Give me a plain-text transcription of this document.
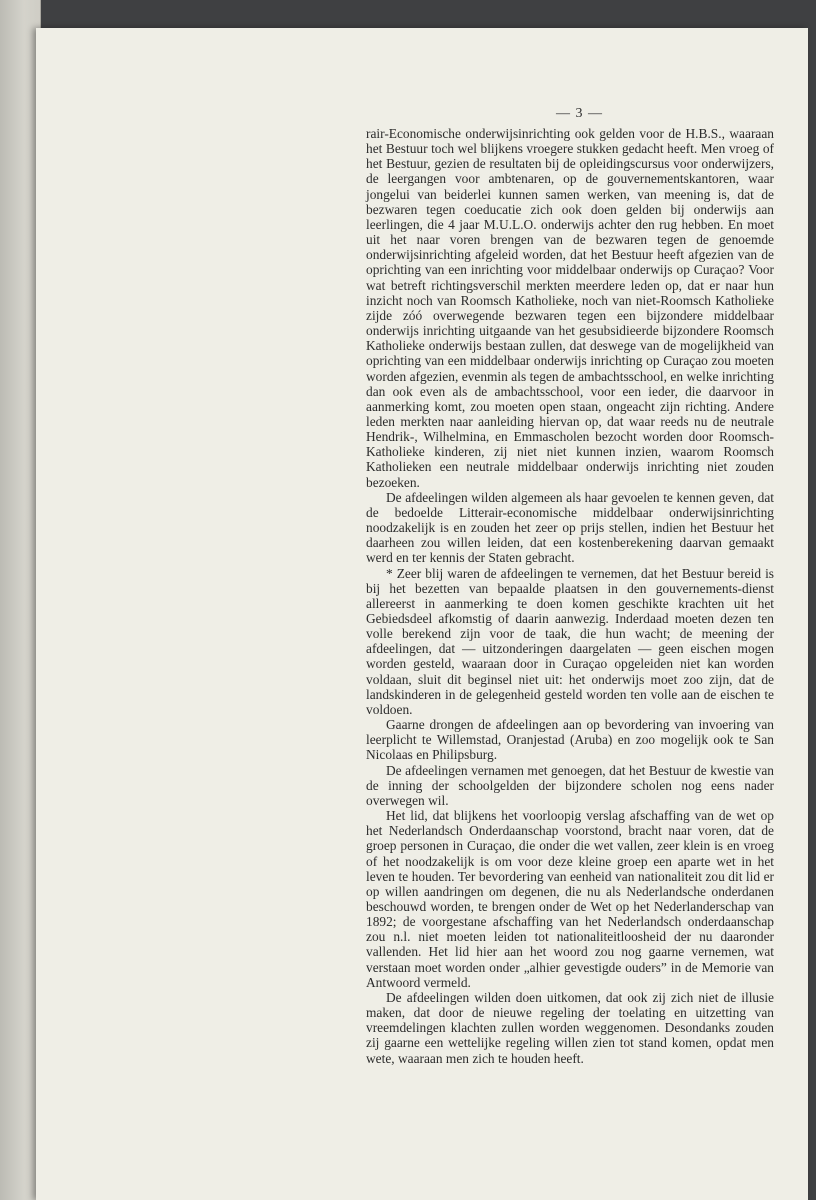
— 3 —

rair-Economische onderwijsinrichting ook gelden voor de H.B.S., waaraan het Bestuur toch wel blijkens vroegere stukken gedacht heeft. Men vroeg of het Bestuur, gezien de resultaten bij de opleidingscursus voor onderwijzers, de leergangen voor ambtenaren, op de gouvernementskantoren, waar jongelui van beiderlei kunnen samen werken, van meening is, dat de bezwaren tegen coeducatie zich ook doen gelden bij onderwijs aan leerlingen, die 4 jaar M.U.L.O. onderwijs achter den rug hebben. En moet uit het naar voren brengen van de bezwaren tegen de genoemde onderwijsinrichting afgeleid worden, dat het Bestuur heeft afgezien van de oprichting van een inrichting voor middelbaar onderwijs op Curaçao? Voor wat betreft richtingsverschil merkten meerdere leden op, dat er naar hun inzicht noch van Roomsch Katholieke, noch van niet-Roomsch Katholieke zijde zóó overwegende bezwaren tegen een bijzondere middelbaar onderwijs inrichting uitgaande van het gesubsidieerde bijzondere Roomsch Katholieke onderwijs bestaan zullen, dat deswege van de mogelijkheid van oprichting van een middelbaar onderwijs inrichting op Curaçao zou moeten worden afgezien, evenmin als tegen de ambachtsschool, en welke inrichting dan ook even als de ambachtsschool, voor een ieder, die daarvoor in aanmerking komt, zou moeten open staan, ongeacht zijn richting. Andere leden merkten naar aanleiding hiervan op, dat waar reeds nu de neutrale Hendrik-, Wilhelmina, en Emmascholen bezocht worden door Roomsch-Katholieke kinderen, zij niet niet kunnen inzien, waarom Roomsch Katholieken een neutrale middelbaar onderwijs inrichting niet zouden bezoeken.

De afdeelingen wilden algemeen als haar gevoelen te kennen geven, dat de bedoelde Litterair-economische middelbaar onderwijsinrichting noodzakelijk is en zouden het zeer op prijs stellen, indien het Bestuur het daarheen zou willen leiden, dat een kostenberekening daarvan gemaakt werd en ter kennis der Staten gebracht.

* Zeer blij waren de afdeelingen te vernemen, dat het Bestuur bereid is bij het bezetten van bepaalde plaatsen in den gouvernements-dienst allereerst in aanmerking te doen komen geschikte krachten uit het Gebiedsdeel afkomstig of daarin aanwezig. Inderdaad moeten dezen ten volle berekend zijn voor de taak, die hun wacht; de meening der afdeelingen, dat — uitzonderingen daargelaten — geen eischen mogen worden gesteld, waaraan door in Curaçao opgeleiden niet kan worden voldaan, sluit dit beginsel niet uit: het onderwijs moet zoo zijn, dat de landskinderen in de gelegenheid gesteld worden ten volle aan de eischen te voldoen.

Gaarne drongen de afdeelingen aan op bevordering van invoering van leerplicht te Willemstad, Oranjestad (Aruba) en zoo mogelijk ook te San Nicolaas en Philipsburg.

De afdeelingen vernamen met genoegen, dat het Bestuur de kwestie van de inning der schoolgelden der bijzondere scholen nog eens nader overwegen wil.

Het lid, dat blijkens het voorloopig verslag afschaffing van de wet op het Nederlandsch Onderdaanschap voorstond, bracht naar voren, dat de groep personen in Curaçao, die onder die wet vallen, zeer klein is en vroeg of het noodzakelijk is om voor deze kleine groep een aparte wet in het leven te houden. Ter bevordering van eenheid van nationaliteit zou dit lid er op willen aandringen om degenen, die nu als Nederlandsche onderdanen beschouwd worden, te brengen onder de Wet op het Nederlanderschap van 1892; de voorgestane afschaffing van het Nederlandsch onderdaanschap zou n.l. niet moeten leiden tot nationaliteitloosheid der nu daaronder vallenden. Het lid hier aan het woord zou nog gaarne vernemen, wat verstaan moet worden onder „alhier gevestigde ouders” in de Memorie van Antwoord vermeld.

De afdeelingen wilden doen uitkomen, dat ook zij zich niet de illusie maken, dat door de nieuwe regeling der toelating en uitzetting van vreemdelingen klachten zullen worden weggenomen. Desondanks zouden zij gaarne een wettelijke regeling willen zien tot stand komen, opdat men wete, waaraan men zich te houden heeft.
